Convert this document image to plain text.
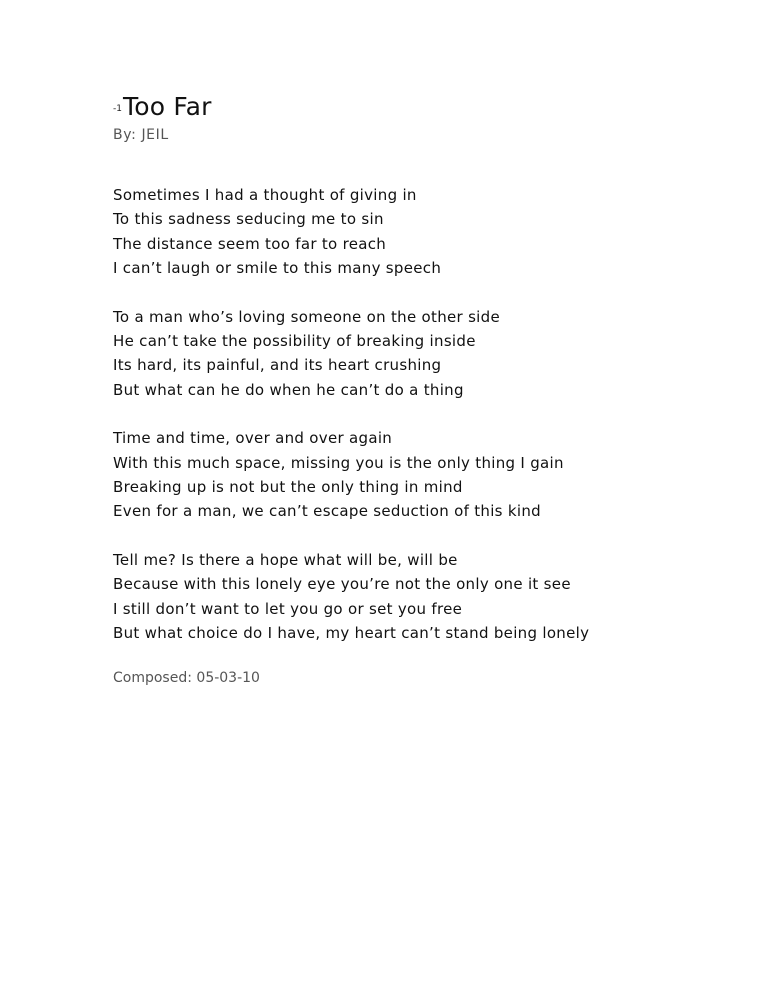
$^{-1}$Too Far
By: JEIL
Sometimes I had a thought of giving in
To this sadness seducing me to sin
The distance seem too far to reach
I can’t laugh or smile to this many speech
To a man who’s loving someone on the other side
He can’t take the possibility of breaking inside
Its hard, its painful, and its heart crushing
But what can he do when he can’t do a thing
Time and time, over and over again
With this much space, missing you is the only thing I gain
Breaking up is not but the only thing in mind
Even for a man, we can’t escape seduction of this kind
Tell me? Is there a hope what will be, will be
Because with this lonely eye you’re not the only one it see
I still don’t want to let you go or set you free
But what choice do I have, my heart can’t stand being lonely
Composed: 05-03-10
